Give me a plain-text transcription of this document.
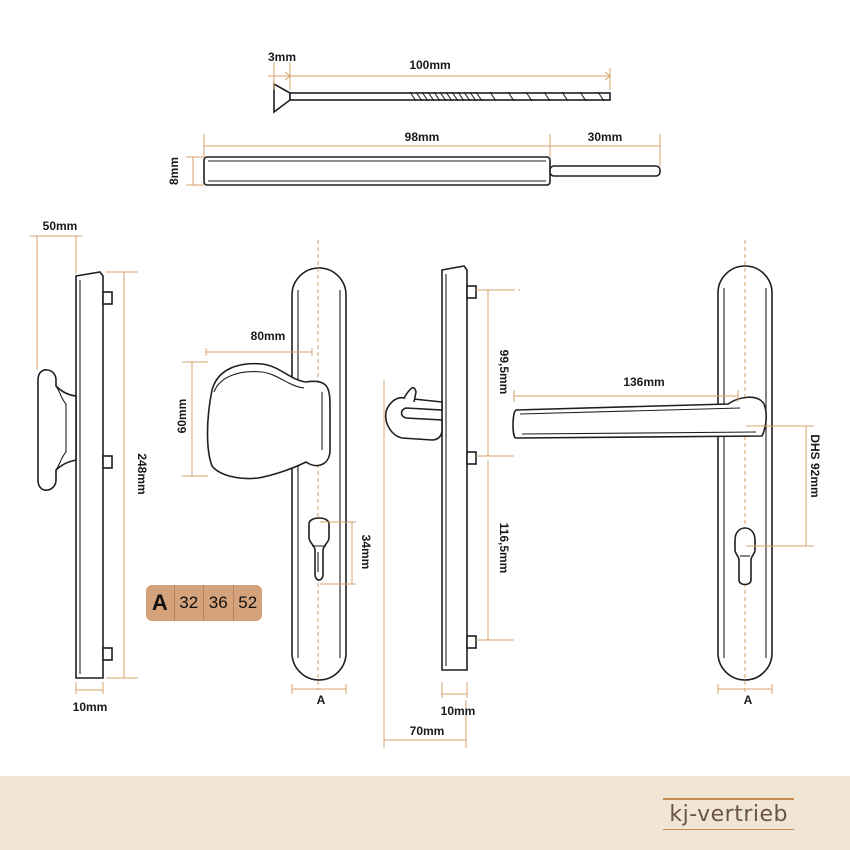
3mm
100mm
98mm	30mm
8mm
50mm
248mm
10mm
80mm
60mm
34mm
A
99,5mm
116,5mm
10mm
70mm
136mm
DHS 92mm
A
A 32 36 52
kj-vertrieb
